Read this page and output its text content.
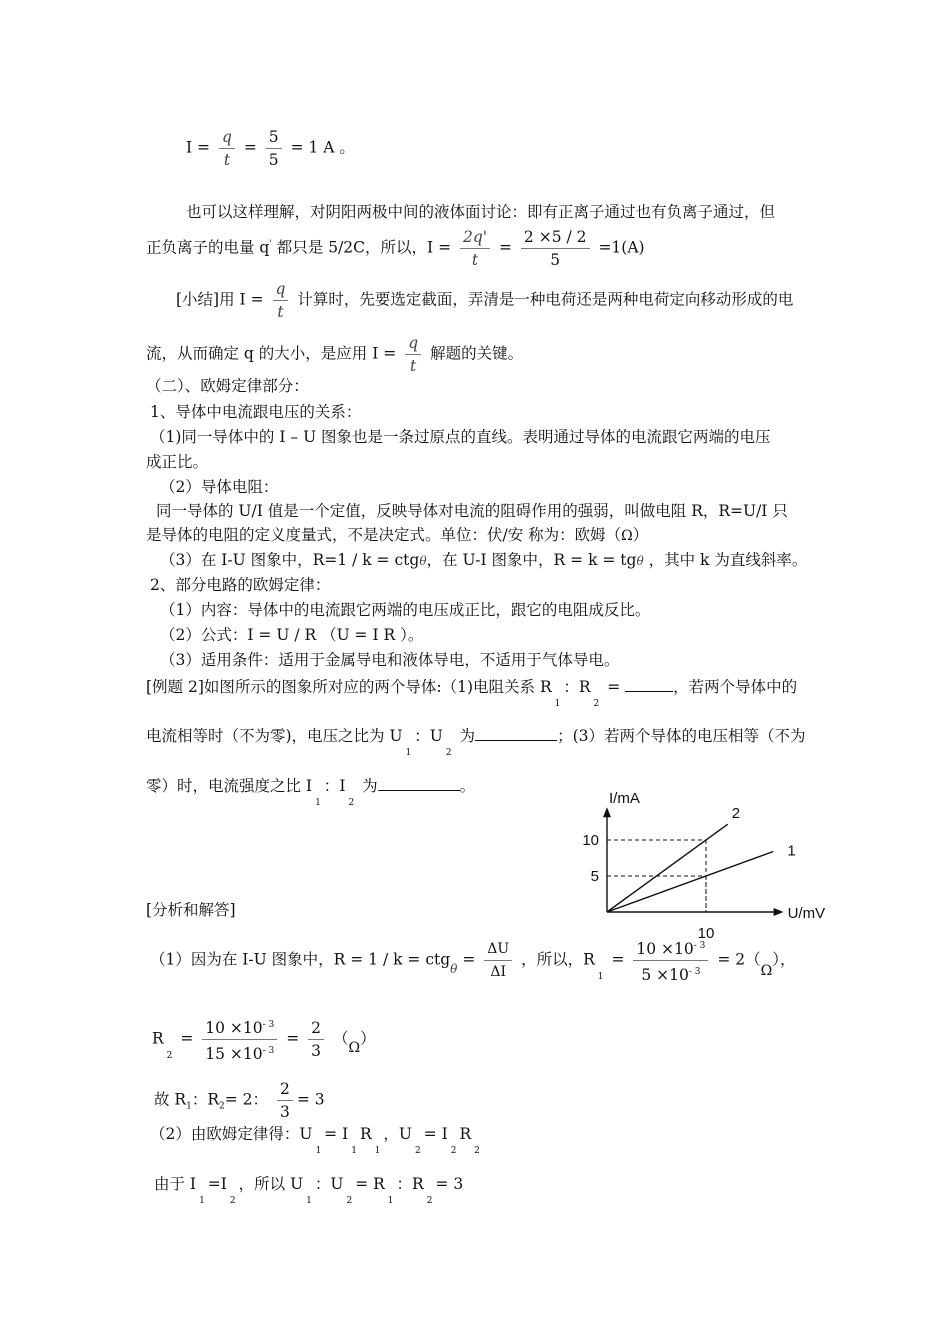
$I = \frac{q}{t} = \frac{5}{5} = 1$ A 。
也可以这样理解，对阴阳两极中间的液体面讨论：即有正离子通过也有负离子通过，但
正负离子的电量 q' 都只是 5/2C，所以，$I = \frac{2q'}{t} = \frac{2 \times 5 / 2}{5} =1(A)$
[小结]用 $I = \frac{q}{t}$ 计算时，先要选定截面，弄清是一种电荷还是两种电荷定向移动形成的电
流，从而确定 q 的大小，是应用 $I = \frac{q}{t}$ 解题的关键。
（二）、欧姆定律部分：
1、导体中电流跟电压的关系：
（1)同一导体中的 I – U 图象也是一条过原点的直线。表明通过导体的电流跟它两端的电压
成正比。
（2）导体电阻：
同一导体的 U/I 值是一个定值，反映导体对电流的阻碍作用的强弱，叫做电阻 R，R=U/I 只
是导体的电阻的定义度量式，不是决定式。单位：伏/安 称为：欧姆（Ω）
（3）在 I-U 图象中，R=1 / k = ctgθ，在 U-I 图象中，R = k = tgθ ，其中 k 为直线斜率。
2、部分电路的欧姆定律：
（1）内容：导体中的电流跟它两端的电压成正比，跟它的电阻成反比。
（2）公式：I = U / R （U = I R ）。
（3）适用条件：适用于金属导电和液体导电，不适用于气体导电。
[例题 2]如图所示的图象所对应的两个导体:（1)电阻关系 $R_1$：$R_2$ =	，若两个导体中的
电流相等时（不为零)，电压之比为 $U_1$：$U_2$ 为	；(3）若两个导体的电压相等（不为
零）时，电流强度之比 $I_1$：$I_2$ 为	。
U/mV
I/mA
1
2
5
10
10
[分析和解答]
（1）因为在 I-U 图象中，$R = 1 / k = ctg_\theta = \frac{\Delta U}{\Delta I}$ ，所以，$R_1 = \frac{10 \times 10^{- 3}}{5 \times 10^{- 3}} = 2(\Omega)$，
$R_2 = \frac{10 \times 10^{- 3}}{15 \times 10^{- 3}} = \frac{2}{3} (\Omega)$
故 $R_1$：$R_2= 2$： $\frac{2}{3} = 3$
（2）由欧姆定律得：$U_1= I_1R_1$，$U_2= I_2R_2$
由于 $I_1=I_2$，所以 $U_1$：$U_2= R_1$：$R_2= 3$
